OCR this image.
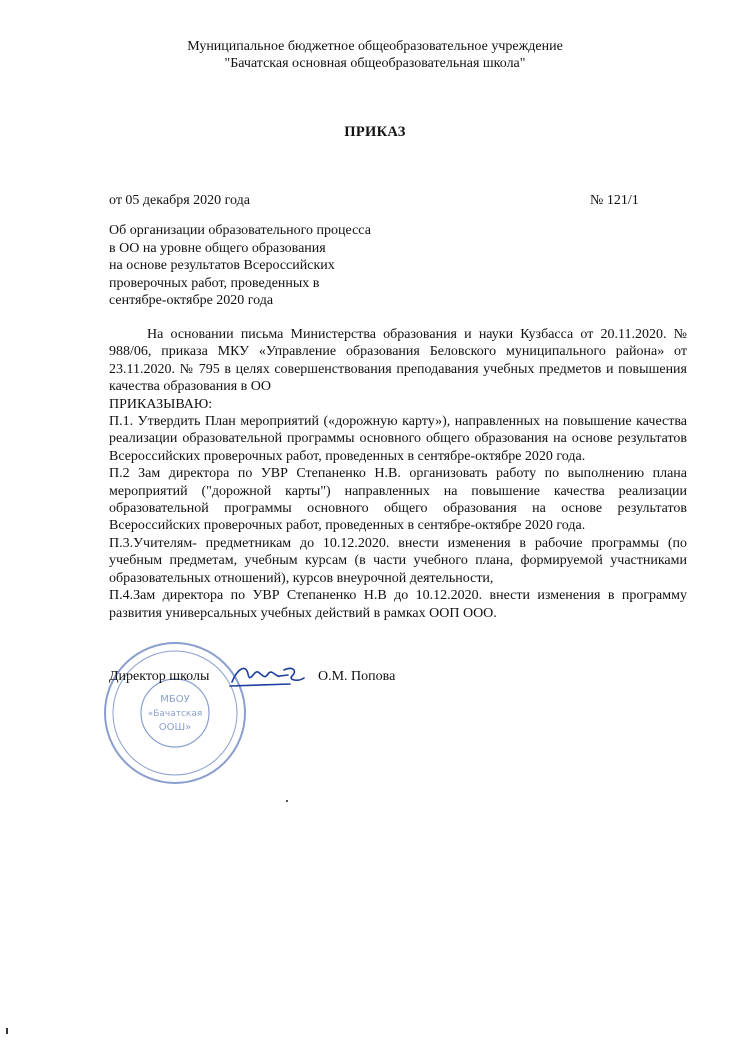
Муниципальное бюджетное общеобразовательное учреждение
"Бачатская основная общеобразовательная школа"
ПРИКАЗ
от 05 декабря 2020 года	№ 121/1
Об организации образовательного процесса
в ОО на уровне общего образования
на основе результатов Всероссийских
проверочных работ, проведенных в
сентябре-октябре 2020 года

На основании письма Министерства образования и науки Кузбасса от 20.11.2020. № 988/06, приказа МКУ «Управление образования Беловского муниципального района» от 23.11.2020. № 795 в целях совершенствования преподавания учебных предметов и повышения качества образования в ОО

ПРИКАЗЫВАЮ:

П.1. Утвердить План мероприятий («дорожную карту»), направленных на повышение качества реализации образовательной программы основного общего образования на основе результатов Всероссийских проверочных работ, проведенных в сентябре-октябре 2020 года.

П.2 Зам директора по УВР Степаненко Н.В. организовать работу по выполнению плана мероприятий ("дорожной карты") направленных на повышение качества реализации образовательной программы основного общего образования на основе результатов Всероссийских проверочных работ, проведенных в сентябре-октябре 2020 года.

П.3.Учителям- предметникам до 10.12.2020. внести изменения в рабочие программы (по учебным предметам, учебным курсам (в части учебного плана, формируемой участниками образовательных отношений), курсов внеурочной деятельности,

П.4.Зам директора по УВР Степаненко Н.В до 10.12.2020. внести изменения в программу развития универсальных учебных действий в рамках ООП ООО.

МБОУ
«Бачатская
ООШ»
Директор школы	О.М. Попова
